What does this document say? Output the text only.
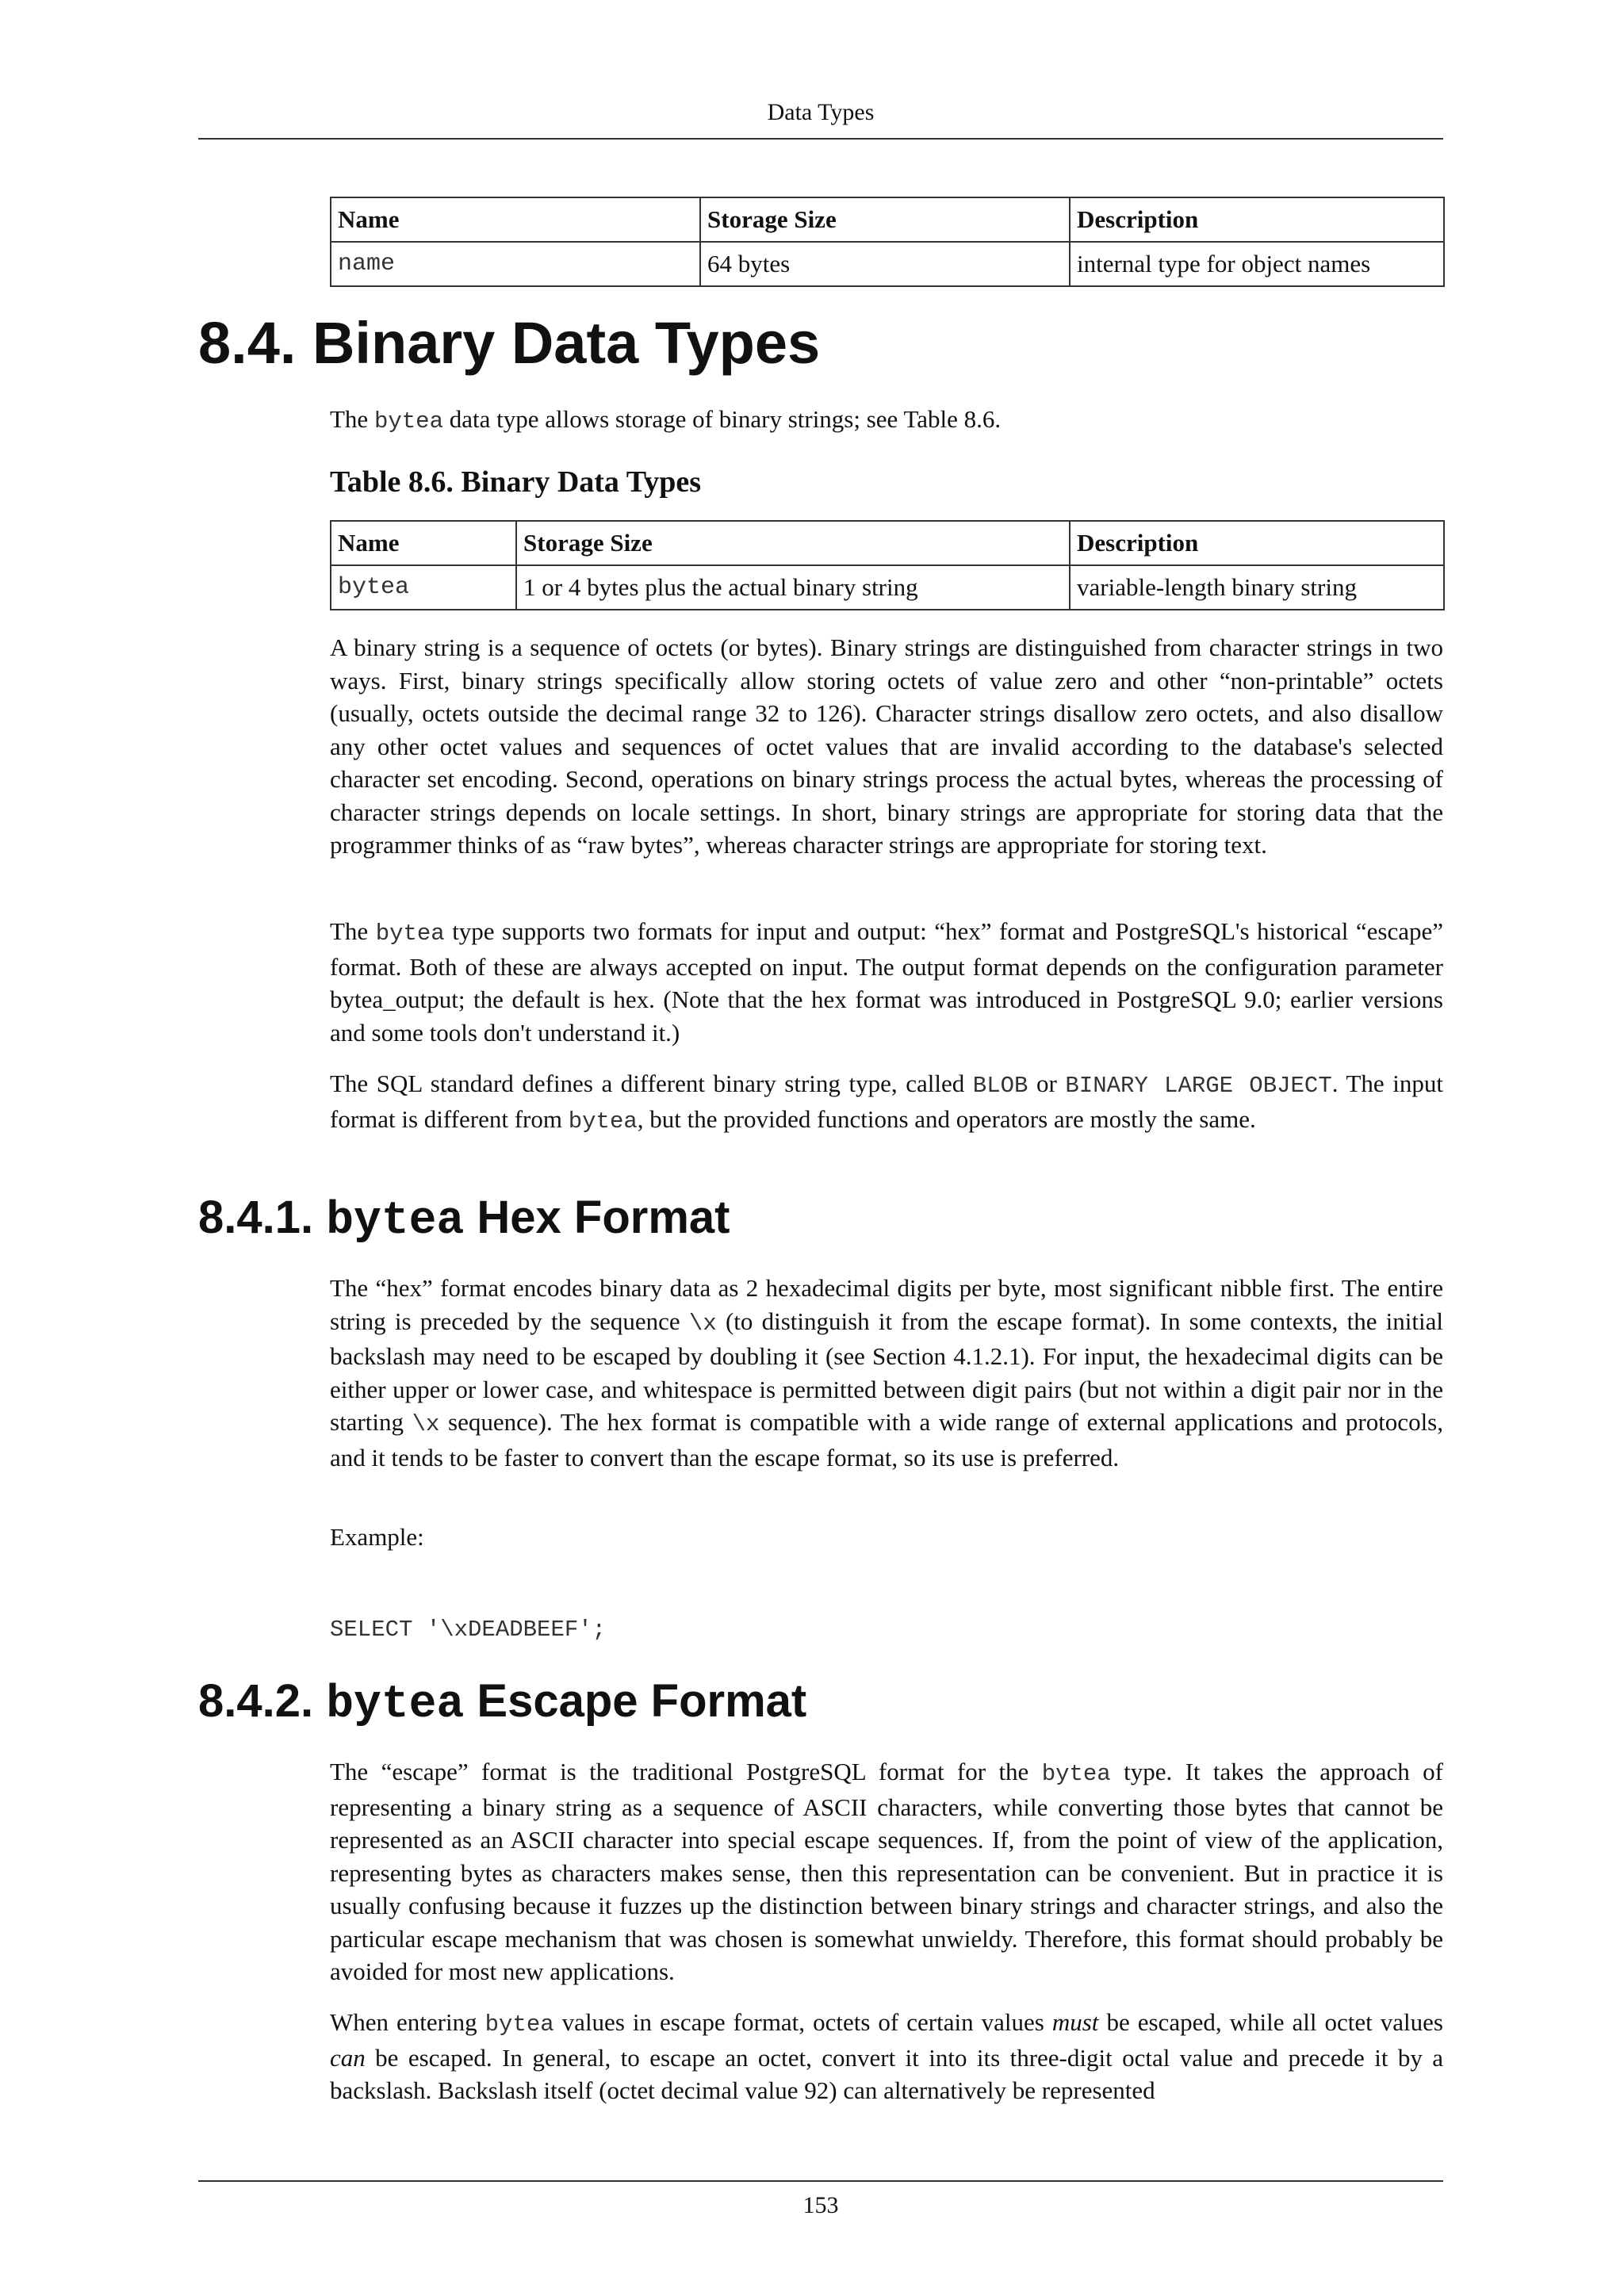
Data Types
Name	Storage Size	Description
name	64 bytes	internal type for object names
8.4. Binary Data Types

The bytea data type allows storage of binary strings; see Table 8.6.

Table 8.6. Binary Data Types
Name	Storage Size	Description
bytea	1 or 4 bytes plus the actual binary string	variable-length binary string

A binary string is a sequence of octets (or bytes). Binary strings are distinguished from character strings in two ways. First, binary strings specifically allow storing octets of value zero and other “non-printable” octets (usually, octets outside the decimal range 32 to 126). Character strings disallow zero octets, and also disallow any other octet values and sequences of octet values that are invalid according to the database's selected character set encoding. Second, operations on binary strings process the actual bytes, whereas the processing of character strings depends on locale settings. In short, binary strings are appropriate for storing data that the programmer thinks of as “raw bytes”, whereas character strings are appropriate for storing text.

The bytea type supports two formats for input and output: “hex” format and PostgreSQL's historical “escape” format. Both of these are always accepted on input. The output format depends on the configuration parameter bytea_output; the default is hex. (Note that the hex format was introduced in PostgreSQL 9.0; earlier versions and some tools don't understand it.)

The SQL standard defines a different binary string type, called BLOB or BINARY LARGE OBJECT. The input format is different from bytea, but the provided functions and operators are mostly the same.

8.4.1. bytea Hex Format

The “hex” format encodes binary data as 2 hexadecimal digits per byte, most significant nibble first. The entire string is preceded by the sequence \x (to distinguish it from the escape format). In some contexts, the initial backslash may need to be escaped by doubling it (see Section 4.1.2.1). For input, the hexadecimal digits can be either upper or lower case, and whitespace is permitted between digit pairs (but not within a digit pair nor in the starting \x sequence). The hex format is compatible with a wide range of external applications and protocols, and it tends to be faster to convert than the escape format, so its use is preferred.

Example:

SELECT '\xDEADBEEF';
8.4.2. bytea Escape Format

The “escape” format is the traditional PostgreSQL format for the bytea type. It takes the approach of representing a binary string as a sequence of ASCII characters, while converting those bytes that cannot be represented as an ASCII character into special escape sequences. If, from the point of view of the application, representing bytes as characters makes sense, then this representation can be convenient. But in practice it is usually confusing because it fuzzes up the distinction between binary strings and character strings, and also the particular escape mechanism that was chosen is somewhat unwieldy. Therefore, this format should probably be avoided for most new applications.

When entering bytea values in escape format, octets of certain values must be escaped, while all octet values can be escaped. In general, to escape an octet, convert it into its three-digit octal value and precede it by a backslash. Backslash itself (octet decimal value 92) can alternatively be represented

153
